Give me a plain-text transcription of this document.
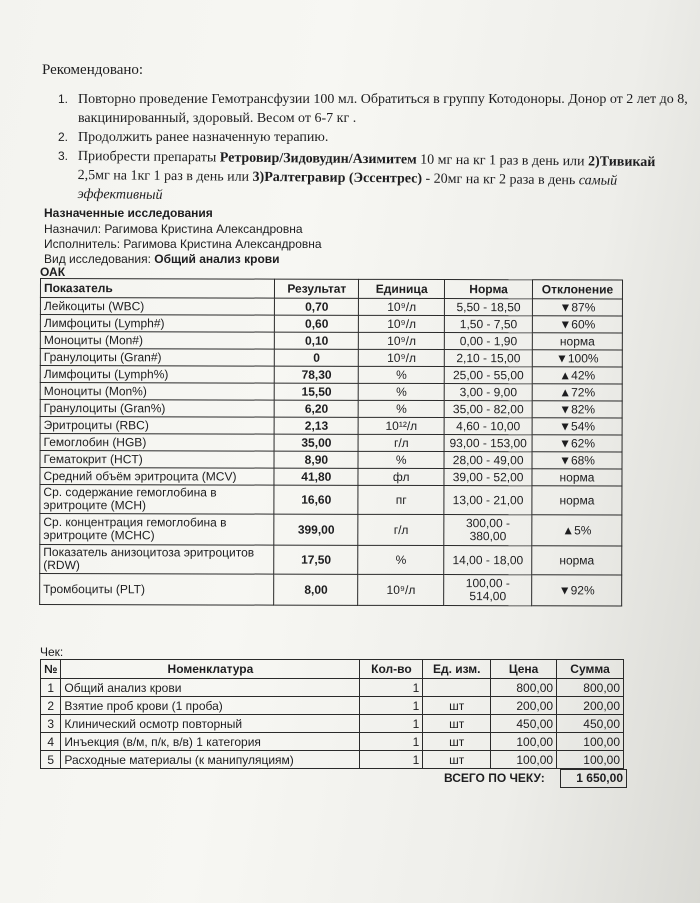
Рекомендовано:
1. Повторно проведение Гемотрансфузии 100 мл. Обратиться в группу Котодоноры. Донор от 2 лет до 8, вакцинированный, здоровый. Весом от 6-7 кг .
2. Продолжить ранее назначенную терапию.
3. Приобрести препараты Ретровир/Зидовудин/Азимитем 10 мг на кг 1 раз в день или 2)Тивикай 2,5мг на 1кг 1 раз в день или 3)Ралтегравир (Эссентрес) - 20мг на кг 2 раза в день самый эффективный
Назначенные исследования
Назначил: Рагимова Кристина Александровна
Исполнитель: Рагимова Кристина Александровна
Вид исследования: Общий анализ крови
ОАК
Показатель	Результат	Единица	Норма	Отклонение
Лейкоциты (WBC)	0,70	10⁹/л	5,50 - 18,50	▼87%
Лимфоциты (Lymph#)	0,60	10⁹/л	1,50 - 7,50	▼60%
Моноциты (Mon#)	0,10	10⁹/л	0,00 - 1,90	норма
Гранулоциты (Gran#)	0	10⁹/л	2,10 - 15,00	▼100%
Лимфоциты (Lymph%)	78,30	%	25,00 - 55,00	▲42%
Моноциты (Mon%)	15,50	%	3,00 - 9,00	▲72%
Гранулоциты (Gran%)	6,20	%	35,00 - 82,00	▼82%
Эритроциты (RBC)	2,13	10¹²/л	4,60 - 10,00	▼54%
Гемоглобин (HGB)	35,00	г/л	93,00 - 153,00	▼62%
Гематокрит (HCT)	8,90	%	28,00 - 49,00	▼68%
Средний объём эритроцита (MCV)	41,80	фл	39,00 - 52,00	норма
Ср. содержание гемоглобина в эритроците (MCH)	16,60	пг	13,00 - 21,00	норма
Ср. концентрация гемоглобина в эритроците (MCHC)	399,00	г/л	300,00 - 380,00	▲5%
Показатель анизоцитоза эритроцитов (RDW)	17,50	%	14,00 - 18,00	норма
Тромбоциты (PLT)	8,00	10⁹/л	100,00 - 514,00	▼92%
Чек:
№	Номенклатура	Кол-во	Ед. изм.	Цена	Сумма
1	Общий анализ крови	1		800,00	800,00
2	Взятие проб крови (1 проба)	1	шт	200,00	200,00
3	Клинический осмотр повторный	1	шт	450,00	450,00
4	Инъекция (в/м, п/к, в/в) 1 категория	1	шт	100,00	100,00
5	Расходные материалы (к манипуляциям)	1	шт	100,00	100,00
ВСЕГО ПО ЧЕКУ:	1 650,00
